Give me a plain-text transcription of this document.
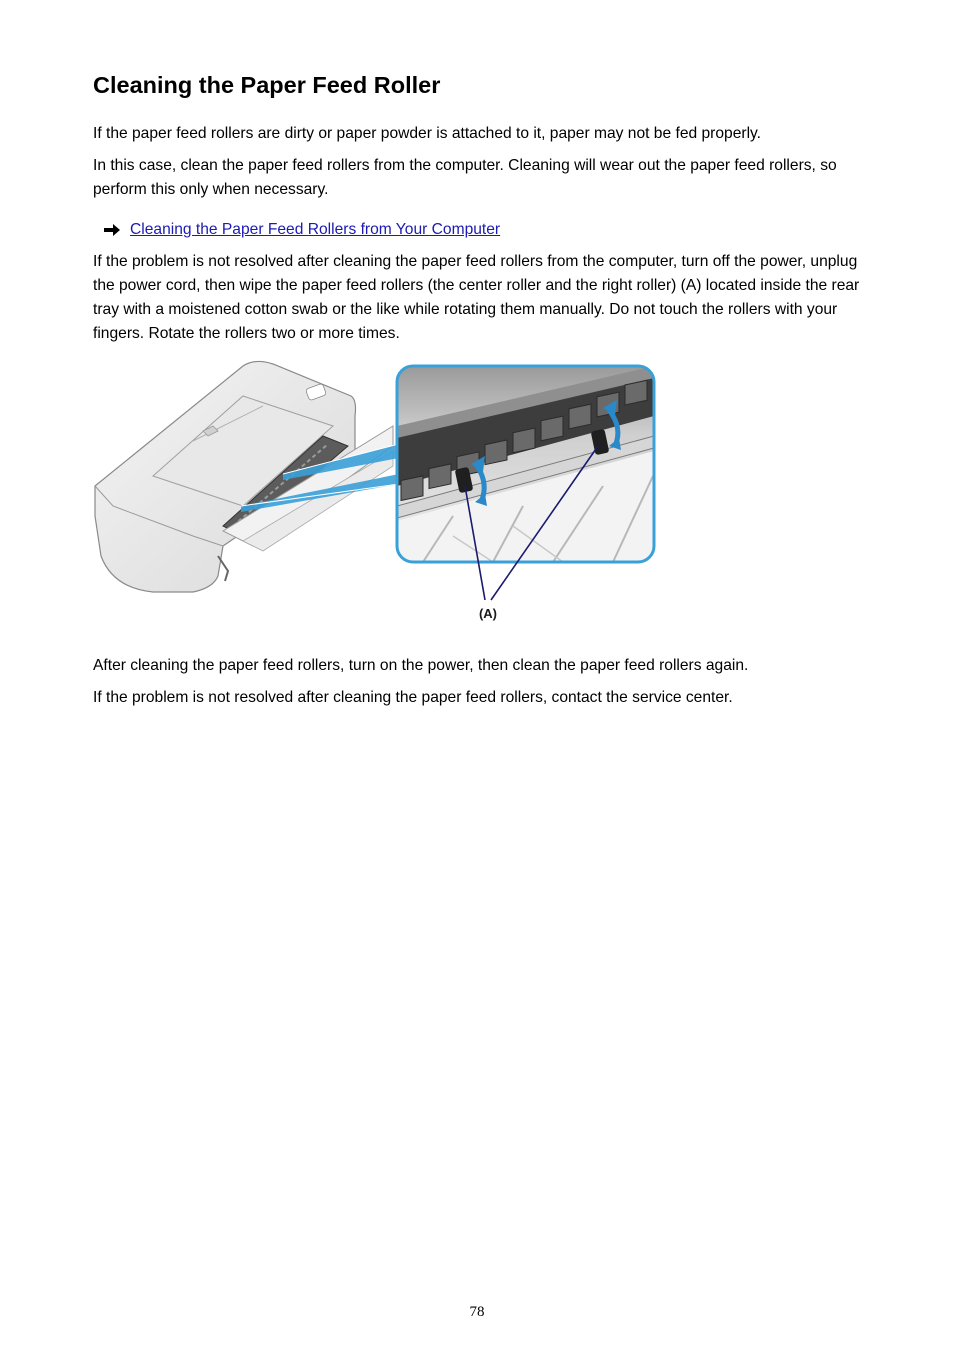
Cleaning the Paper Feed Roller

If the paper feed rollers are dirty or paper powder is attached to it, paper may not be fed properly.

In this case, clean the paper feed rollers from the computer. Cleaning will wear out the paper feed rollers, so perform this only when necessary.

Cleaning the Paper Feed Rollers from Your Computer

If the problem is not resolved after cleaning the paper feed rollers from the computer, turn off the power, unplug the power cord, then wipe the paper feed rollers (the center roller and the right roller) (A) located inside the rear tray with a moistened cotton swab or the like while rotating them manually. Do not touch the rollers with your fingers. Rotate the rollers two or more times.

(A)

After cleaning the paper feed rollers, turn on the power, then clean the paper feed rollers again.

If the problem is not resolved after cleaning the paper feed rollers, contact the service center.

78
